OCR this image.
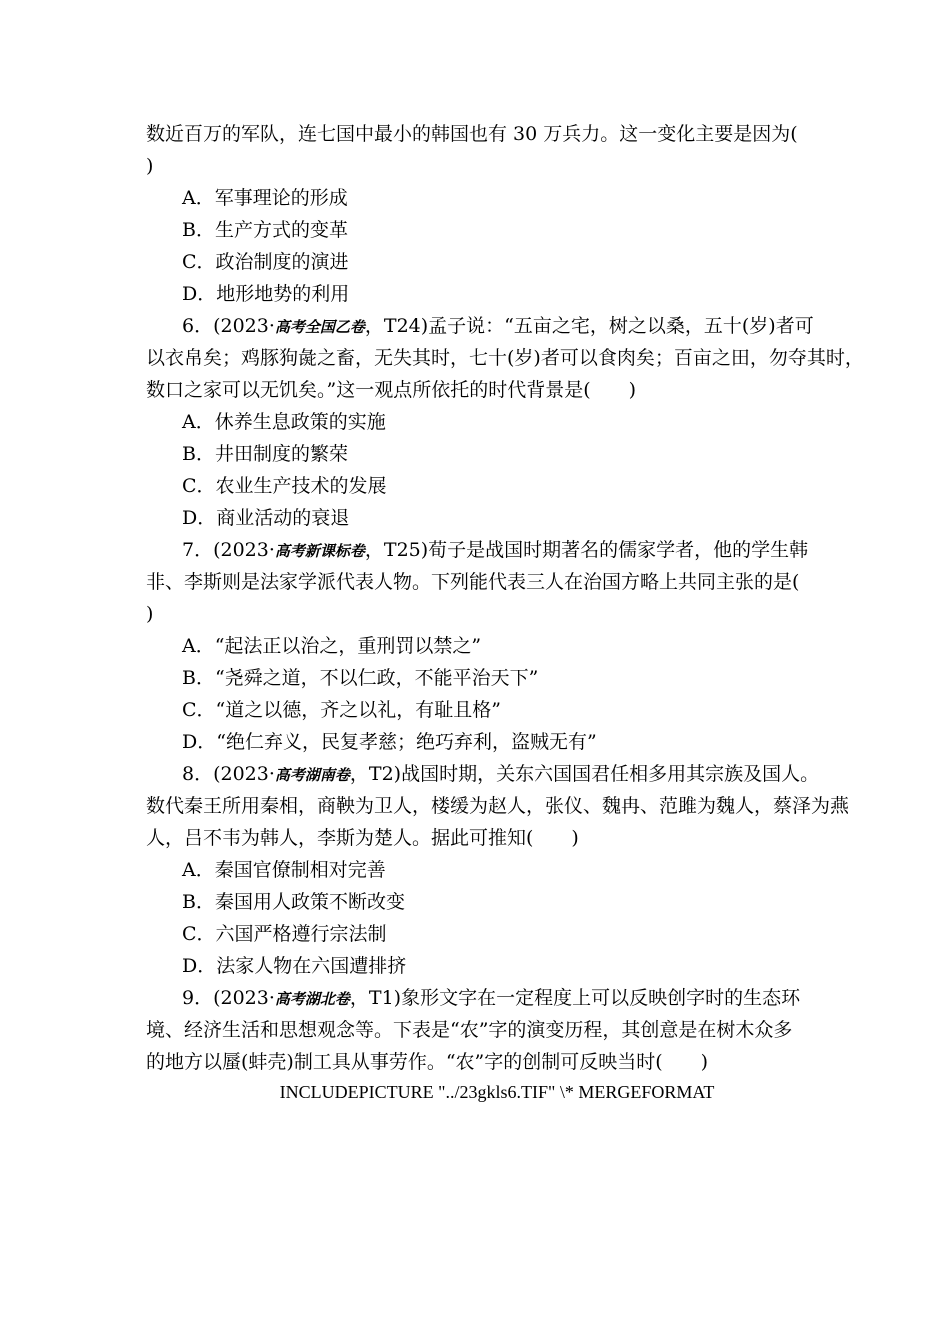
数近百万的军队，连七国中最小的韩国也有 30 万兵力。这一变化主要是因为(
)
A．军事理论的形成
B．生产方式的变革
C．政治制度的演进
D．地形地势的利用
6．(2023·高考全国乙卷，T24)孟子说：“五亩之宅，树之以桑，五十(岁)者可
以衣帛矣；鸡豚狗彘之畜，无失其时，七十(岁)者可以食肉矣；百亩之田，勿夺其时，
数口之家可以无饥矣。”这一观点所依托的时代背景是(　　)
A．休养生息政策的实施
B．井田制度的繁荣
C．农业生产技术的发展
D．商业活动的衰退
7．(2023·高考新课标卷，T25)荀子是战国时期著名的儒家学者，他的学生韩
非、李斯则是法家学派代表人物。下列能代表三人在治国方略上共同主张的是(
)
A．“起法正以治之，重刑罚以禁之”
B．“尧舜之道，不以仁政，不能平治天下”
C．“道之以德，齐之以礼，有耻且格”
D．“绝仁弃义，民复孝慈；绝巧弃利，盗贼无有”
8．(2023·高考湖南卷，T2)战国时期，关东六国国君任相多用其宗族及国人。
数代秦王所用秦相，商鞅为卫人，楼缓为赵人，张仪、魏冉、范雎为魏人，蔡泽为燕
人，吕不韦为韩人，李斯为楚人。据此可推知(　　)
A．秦国官僚制相对完善
B．秦国用人政策不断改变
C．六国严格遵行宗法制
D．法家人物在六国遭排挤
9．(2023·高考湖北卷，T1)象形文字在一定程度上可以反映创字时的生态环
境、经济生活和思想观念等。下表是“农”字的演变历程，其创意是在树木众多
的地方以蜃(蚌壳)制工具从事劳作。“农”字的创制可反映当时(　　)
INCLUDEPICTURE "../23gkls6.TIF" \* MERGEFORMAT
